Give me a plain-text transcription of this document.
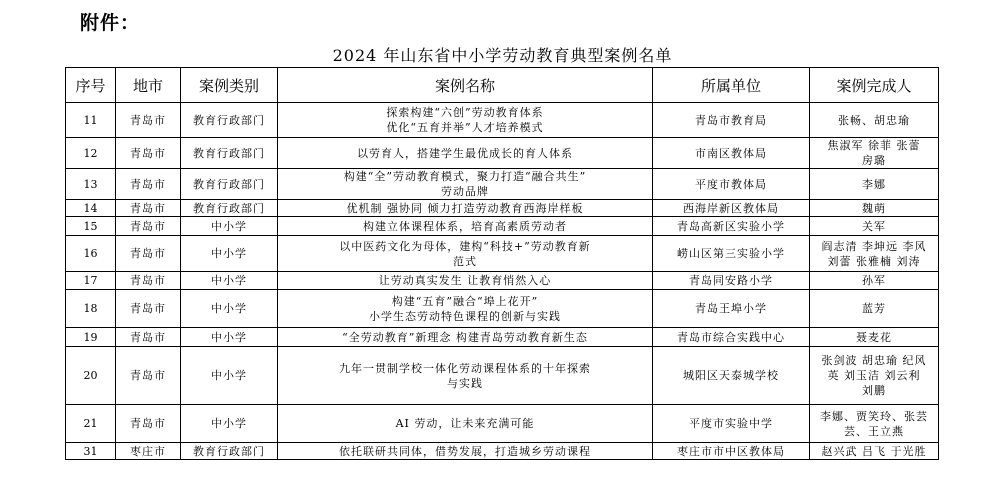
附件：
2024 年山东省中小学劳动教育典型案例名单
序号	地市	案例类别	案例名称	所属单位	案例完成人
11	青岛市	教育行政部门	探索构建“六创”劳动教育体系
优化“五育并举”人才培养模式	青岛市教育局	张畅、胡忠瑜
12	青岛市	教育行政部门	以劳育人，搭建学生最优成长的育人体系	市南区教体局	焦淑军 徐菲 张蕾
房璐
13	青岛市	教育行政部门	构建“全”劳动教育模式，聚力打造“融合共生”
劳动品牌	平度市教体局	李娜
14	青岛市	教育行政部门	优机制 强协同 倾力打造劳动教育西海岸样板	西海岸新区教体局	魏萌
15	青岛市	中小学	构建立体课程体系，培育高素质劳动者	青岛高新区实验小学	关军
16	青岛市	中小学	以中医药文化为母体，建构“科技+”劳动教育新
范式	崂山区第三实验小学	阎志清 李坤远 李风
刘蕾 张雅楠 刘涛
17	青岛市	中小学	让劳动真实发生 让教育悄然入心	青岛同安路小学	孙军
18	青岛市	中小学	构建“五育”融合“埠上花开”
小学生态劳动特色课程的创新与实践	青岛王埠小学	蓝芳
19	青岛市	中小学	“全劳动教育”新理念 构建青岛劳动教育新生态	青岛市综合实践中心	聂麦花
20	青岛市	中小学	九年一贯制学校一体化劳动课程体系的十年探索
与实践	城阳区天泰城学校	张剑波 胡忠瑜 纪风
英 刘玉洁 刘云利
刘鹏
21	青岛市	中小学	AI 劳动，让未来充满可能	平度市实验中学	李娜、贾笑玲、张芸
芸、王立燕
31	枣庄市	教育行政部门	依托联研共同体，借势发展，打造城乡劳动课程	枣庄市市中区教体局	赵兴武 吕飞 于光胜
